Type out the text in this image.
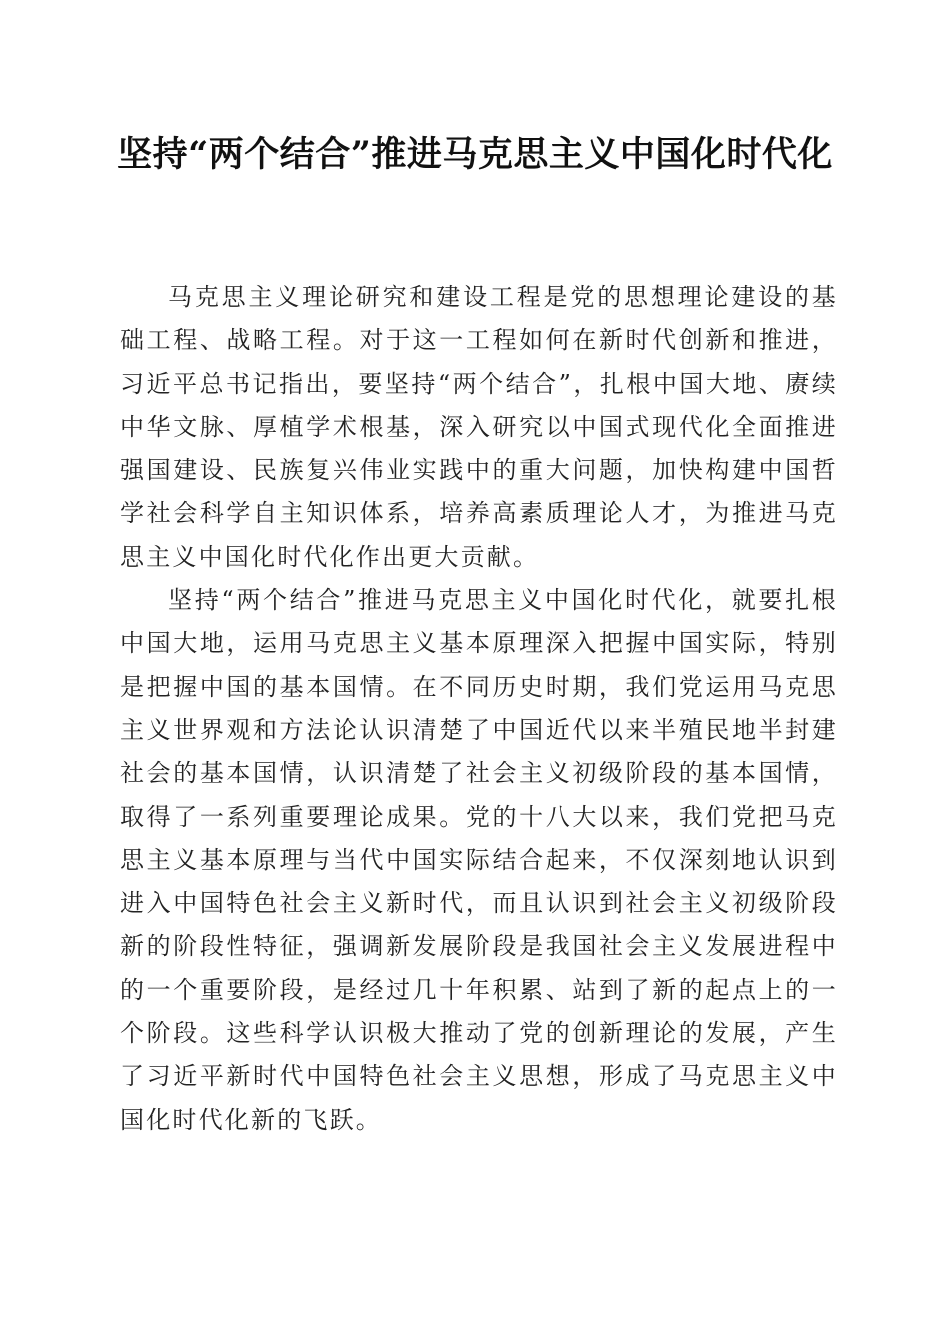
坚持“两个结合”推进马克思主义中国化时代化

马克思主义理论研究和建设工程是党的思想理论建设的基础工程、战略工程。对于这一工程如何在新时代创新和推进，习近平总书记指出，要坚持“两个结合”，扎根中国大地、赓续中华文脉、厚植学术根基，深入研究以中国式现代化全面推进强国建设、民族复兴伟业实践中的重大问题，加快构建中国哲学社会科学自主知识体系，培养高素质理论人才，为推进马克思主义中国化时代化作出更大贡献。

坚持“两个结合”推进马克思主义中国化时代化，就要扎根中国大地，运用马克思主义基本原理深入把握中国实际，特别是把握中国的基本国情。在不同历史时期，我们党运用马克思主义世界观和方法论认识清楚了中国近代以来半殖民地半封建社会的基本国情，认识清楚了社会主义初级阶段的基本国情，取得了一系列重要理论成果。党的十八大以来，我们党把马克思主义基本原理与当代中国实际结合起来，不仅深刻地认识到进入中国特色社会主义新时代，而且认识到社会主义初级阶段新的阶段性特征，强调新发展阶段是我国社会主义发展进程中的一个重要阶段，是经过几十年积累、站到了新的起点上的一个阶段。这些科学认识极大推动了党的创新理论的发展，产生了习近平新时代中国特色社会主义思想，形成了马克思主义中国化时代化新的飞跃。
